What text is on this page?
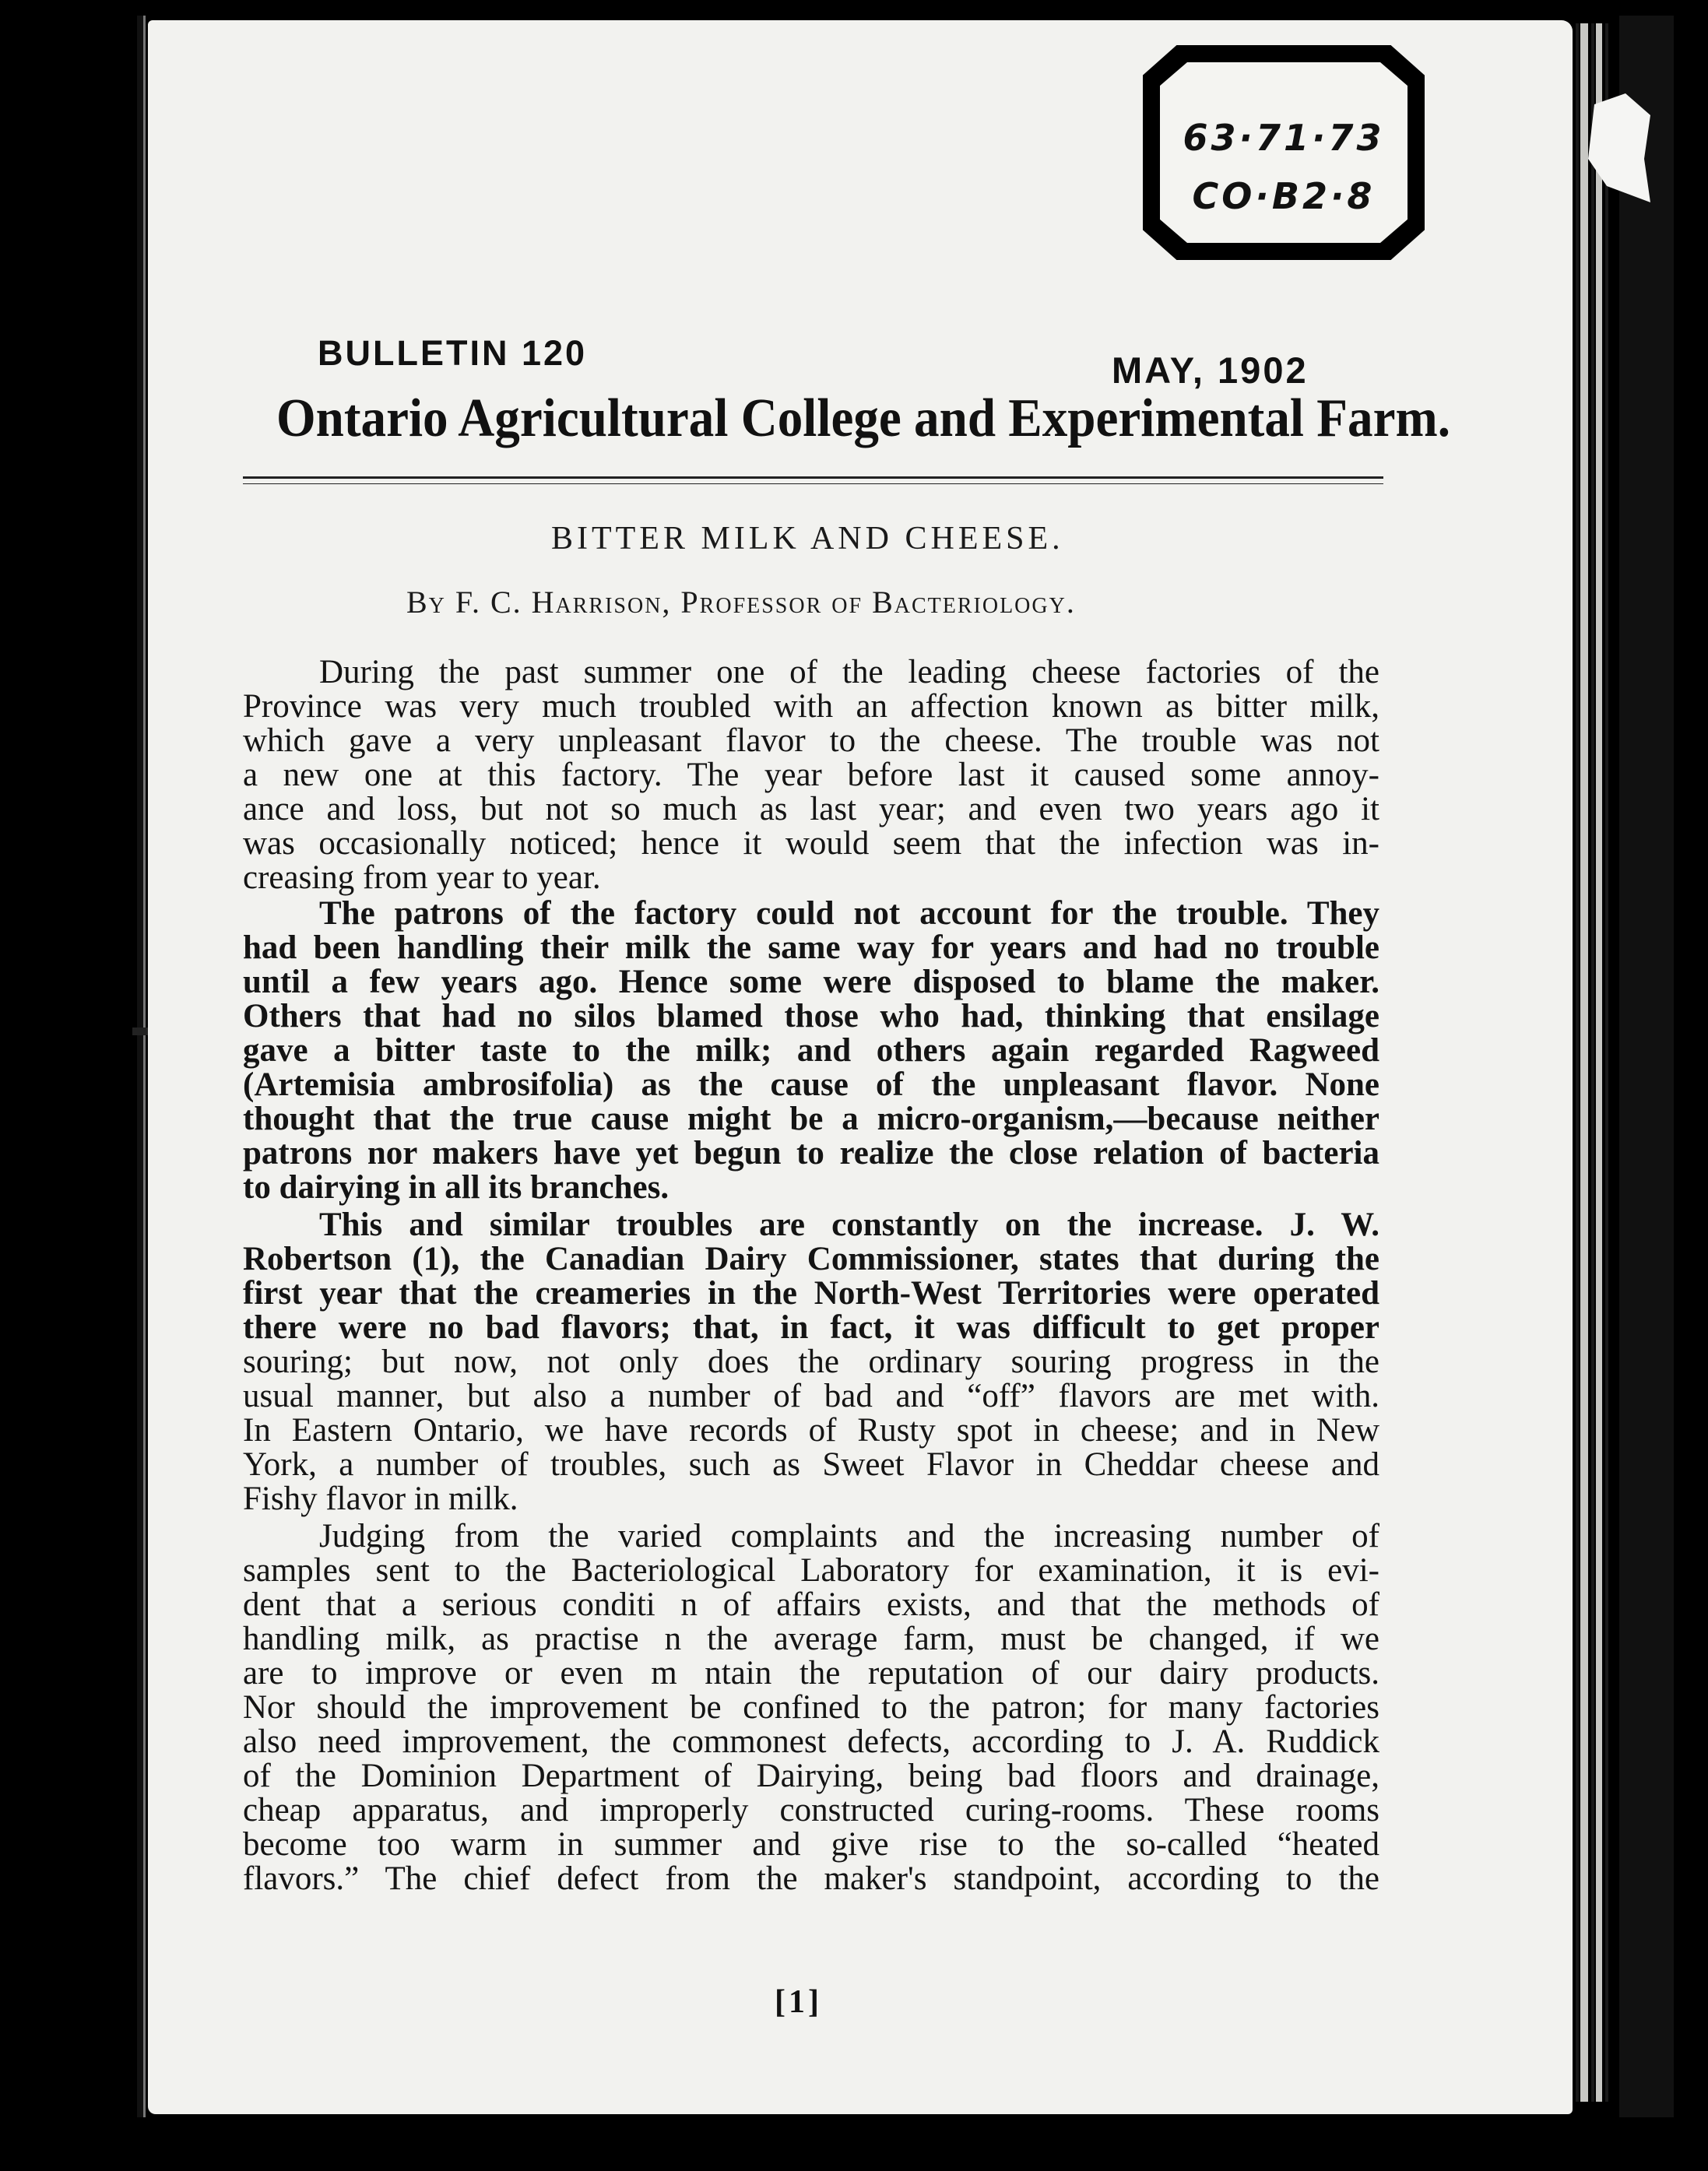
63·71·73
CO·B2·8
BULLETIN 120	MAY, 1902
Ontario Agricultural College and Experimental Farm.
BITTER MILK AND CHEESE.
By F. C. Harrison, Professor of Bacteriology.
During the past summer one of the leading cheese factories of the
Province was very much troubled with an affection known as bitter milk,
which gave a very unpleasant flavor to the cheese. The trouble was not
a new one at this factory. The year before last it caused some annoy-
ance and loss, but not so much as last year; and even two years ago it
was occasionally noticed; hence it would seem that the infection was in-
creasing from year to year.
The patrons of the factory could not account for the trouble. They
had been handling their milk the same way for years and had no trouble
until a few years ago. Hence some were disposed to blame the maker.
Others that had no silos blamed those who had, thinking that ensilage
gave a bitter taste to the milk; and others again regarded Ragweed
(Artemisia ambrosifolia) as the cause of the unpleasant flavor. None
thought that the true cause might be a micro-organism,—because neither
patrons nor makers have yet begun to realize the close relation of bacteria
to dairying in all its branches.
This and similar troubles are constantly on the increase. J. W.
Robertson (1), the Canadian Dairy Commissioner, states that during the
first year that the creameries in the North-West Territories were operated
there were no bad flavors; that, in fact, it was difficult to get proper
souring; but now, not only does the ordinary souring progress in the
usual manner, but also a number of bad and “off” flavors are met with.
In Eastern Ontario, we have records of Rusty spot in cheese; and in New
York, a number of troubles, such as Sweet Flavor in Cheddar cheese and
Fishy flavor in milk.
Judging from the varied complaints and the increasing number of
samples sent to the Bacteriological Laboratory for examination, it is evi-
dent that a serious conditi n of affairs exists, and that the methods of
handling milk, as practise n the average farm, must be changed, if we
are to improve or even m ntain the reputation of our dairy products.
Nor should the improvement be confined to the patron; for many factories
also need improvement, the commonest defects, according to J. A. Ruddick
of the Dominion Department of Dairying, being bad floors and drainage,
cheap apparatus, and improperly constructed curing-rooms. These rooms
become too warm in summer and give rise to the so-called “heated
flavors.” The chief defect from the maker's standpoint, according to the
[1]
